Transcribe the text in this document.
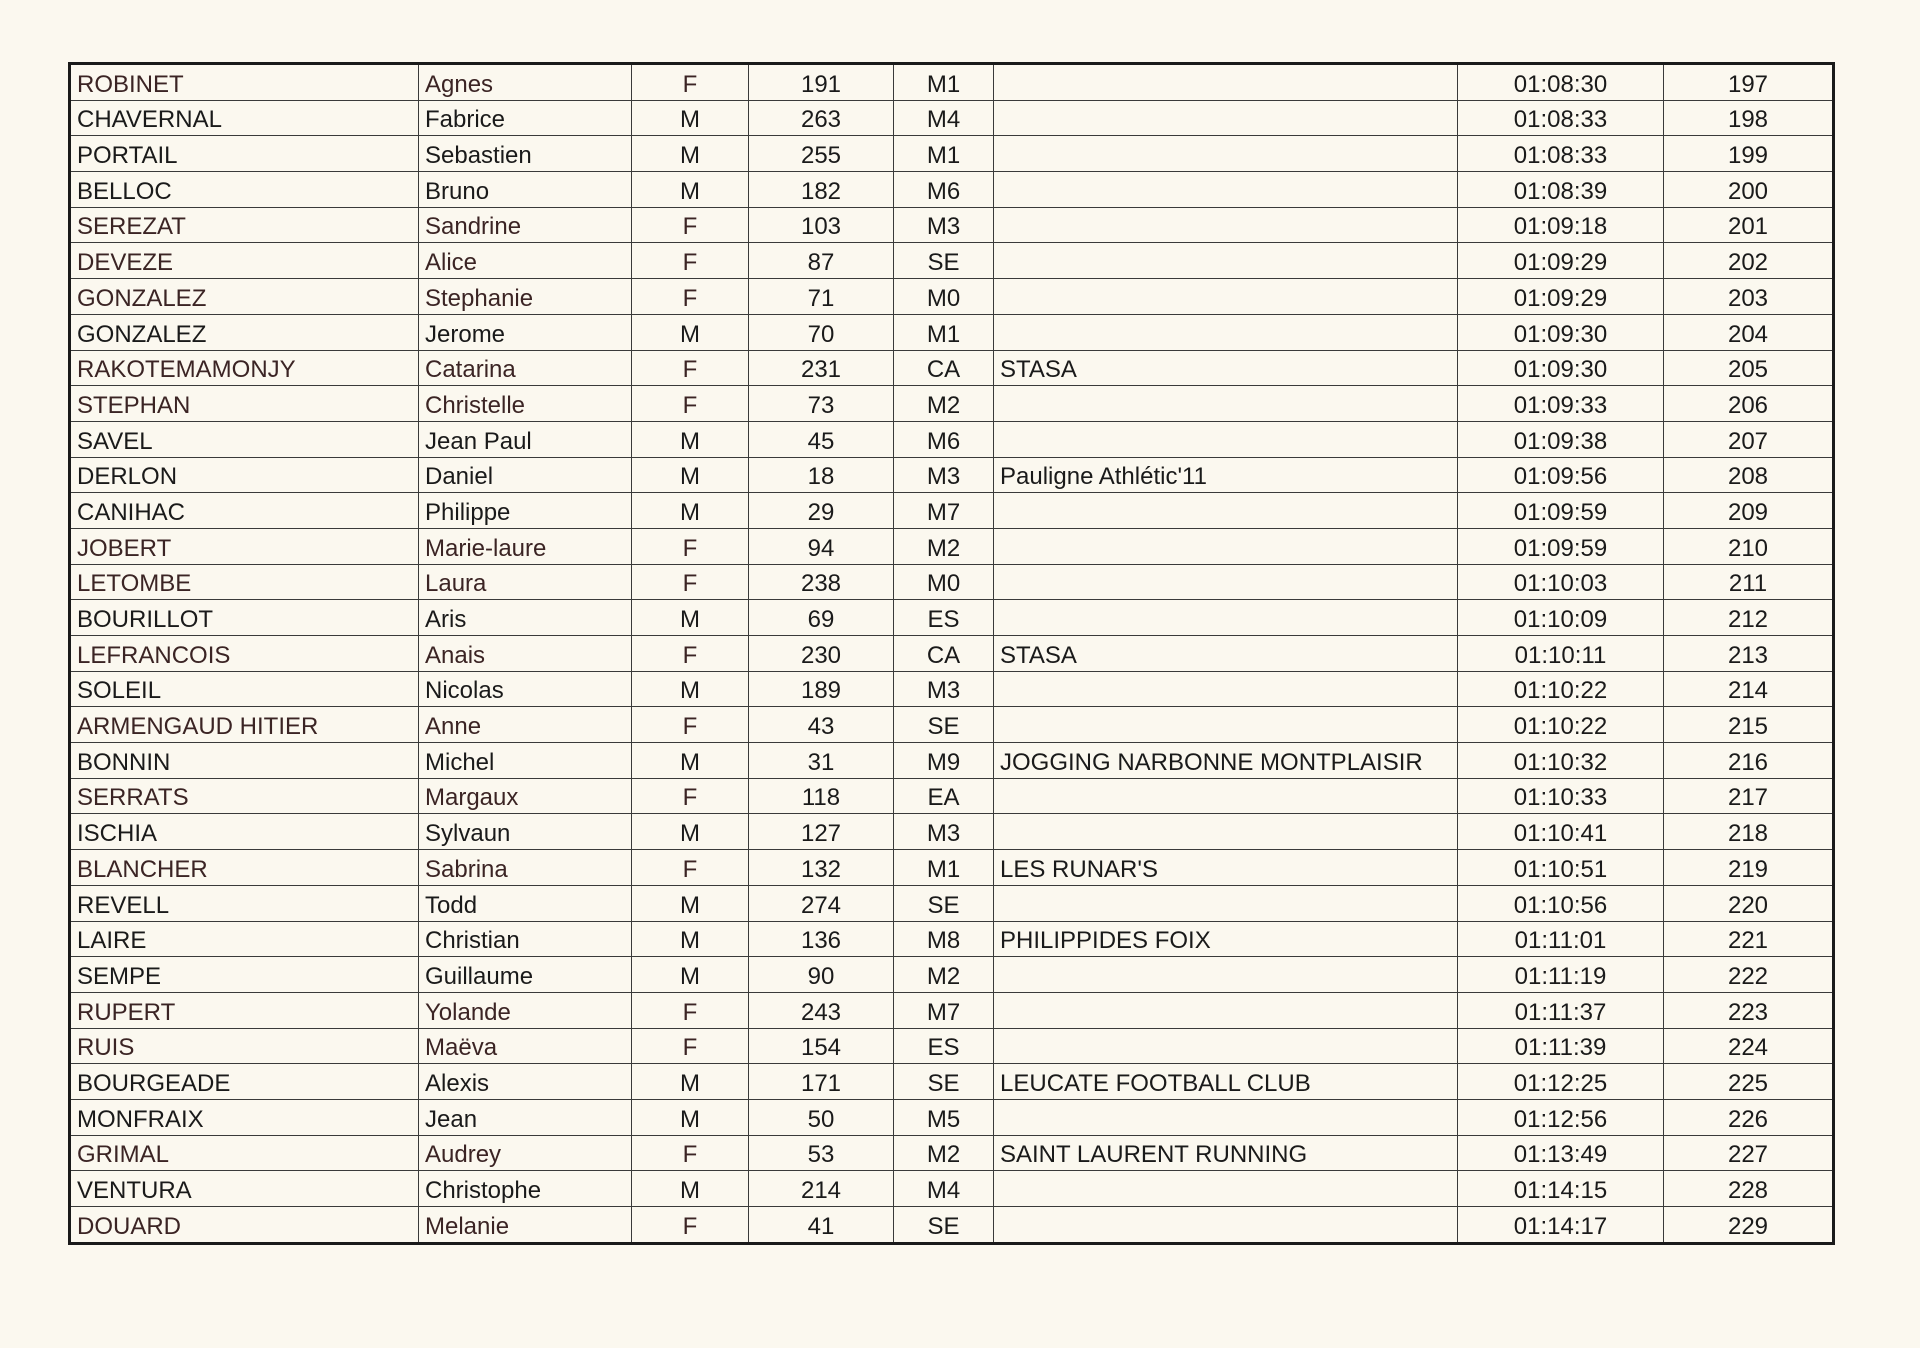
ROBINET	Agnes	F	191	M1		01:08:30	197
CHAVERNAL	Fabrice	M	263	M4		01:08:33	198
PORTAIL	Sebastien	M	255	M1		01:08:33	199
BELLOC	Bruno	M	182	M6		01:08:39	200
SEREZAT	Sandrine	F	103	M3		01:09:18	201
DEVEZE	Alice	F	87	SE		01:09:29	202
GONZALEZ	Stephanie	F	71	M0		01:09:29	203
GONZALEZ	Jerome	M	70	M1		01:09:30	204
RAKOTEMAMONJY	Catarina	F	231	CA	STASA	01:09:30	205
STEPHAN	Christelle	F	73	M2		01:09:33	206
SAVEL	Jean Paul	M	45	M6		01:09:38	207
DERLON	Daniel	M	18	M3	Pauligne Athlétic'11	01:09:56	208
CANIHAC	Philippe	M	29	M7		01:09:59	209
JOBERT	Marie-laure	F	94	M2		01:09:59	210
LETOMBE	Laura	F	238	M0		01:10:03	211
BOURILLOT	Aris	M	69	ES		01:10:09	212
LEFRANCOIS	Anais	F	230	CA	STASA	01:10:11	213
SOLEIL	Nicolas	M	189	M3		01:10:22	214
ARMENGAUD HITIER	Anne	F	43	SE		01:10:22	215
BONNIN	Michel	M	31	M9	JOGGING NARBONNE MONTPLAISIR	01:10:32	216
SERRATS	Margaux	F	118	EA		01:10:33	217
ISCHIA	Sylvaun	M	127	M3		01:10:41	218
BLANCHER	Sabrina	F	132	M1	LES RUNAR'S	01:10:51	219
REVELL	Todd	M	274	SE		01:10:56	220
LAIRE	Christian	M	136	M8	PHILIPPIDES FOIX	01:11:01	221
SEMPE	Guillaume	M	90	M2		01:11:19	222
RUPERT	Yolande	F	243	M7		01:11:37	223
RUIS	Maëva	F	154	ES		01:11:39	224
BOURGEADE	Alexis	M	171	SE	LEUCATE FOOTBALL CLUB	01:12:25	225
MONFRAIX	Jean	M	50	M5		01:12:56	226
GRIMAL	Audrey	F	53	M2	SAINT LAURENT RUNNING	01:13:49	227
VENTURA	Christophe	M	214	M4		01:14:15	228
DOUARD	Melanie	F	41	SE		01:14:17	229
